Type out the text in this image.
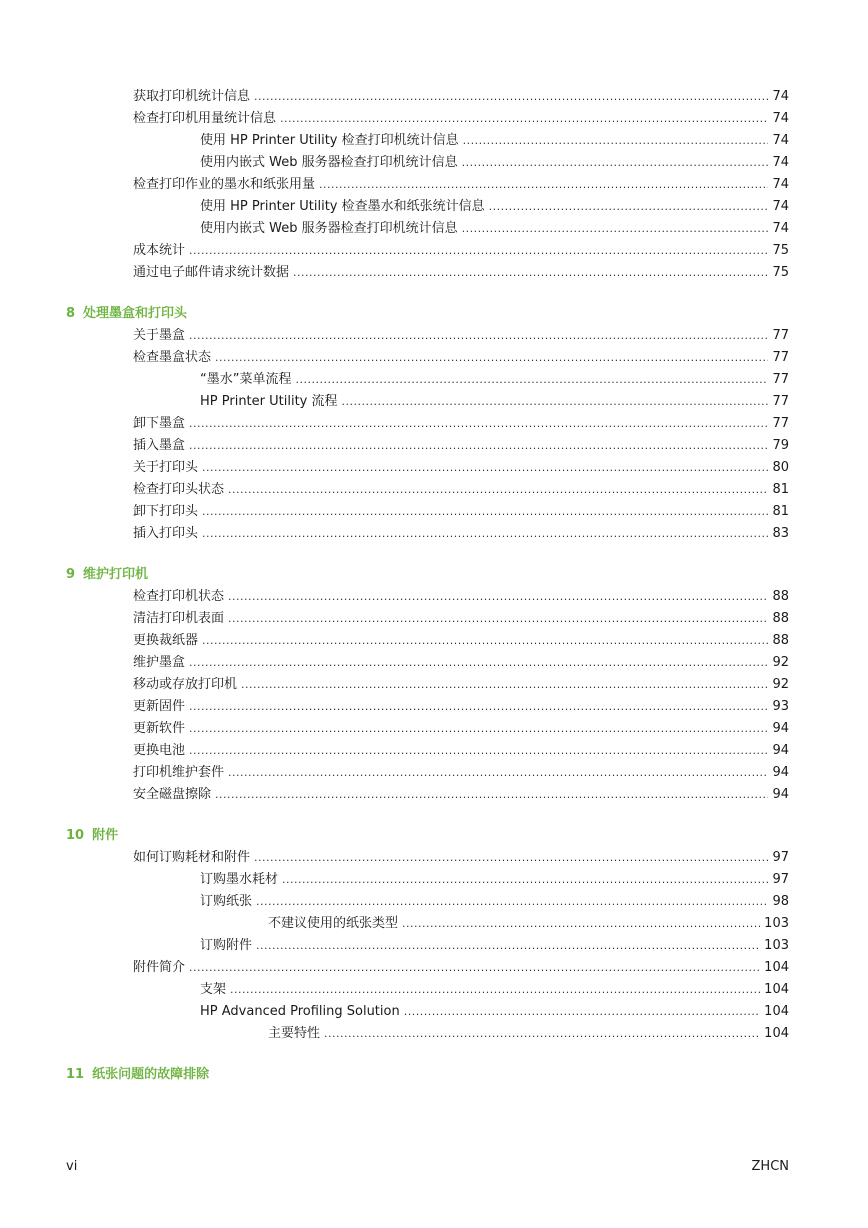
获取打印机统计信息 .....	74
检查打印机用量统计信息 .....	74
使用 HP Printer Utility 检查打印机统计信息 .....	74
使用内嵌式 Web 服务器检查打印机统计信息 .....	74
检查打印作业的墨水和纸张用量 .....	74
使用 HP Printer Utility 检查墨水和纸张统计信息 .....	74
使用内嵌式 Web 服务器检查打印机统计信息 .....	74
成本统计 .....	75
通过电子邮件请求统计数据 .....	75
8 处理墨盒和打印头
关于墨盒 .....	77
检查墨盒状态 .....	77
“墨水”菜单流程 .....	77
HP Printer Utility 流程 .....	77
卸下墨盒 .....	77
插入墨盒 .....	79
关于打印头 .....	80
检查打印头状态 .....	81
卸下打印头 .....	81
插入打印头 .....	83
9 维护打印机
检查打印机状态 .....	88
清洁打印机表面 .....	88
更换裁纸器 .....	88
维护墨盒 .....	92
移动或存放打印机 .....	92
更新固件 .....	93
更新软件 .....	94
更换电池 .....	94
打印机维护套件 .....	94
安全磁盘擦除 .....	94
10 附件
如何订购耗材和附件 .....	97
订购墨水耗材 .....	97
订购纸张 .....	98
不建议使用的纸张类型 .....	103
订购附件 .....	103
附件简介 .....	104
支架 .....	104
HP Advanced Profiling Solution .....	104
主要特性 .....	104
11 纸张问题的故障排除
vi	ZHCN
